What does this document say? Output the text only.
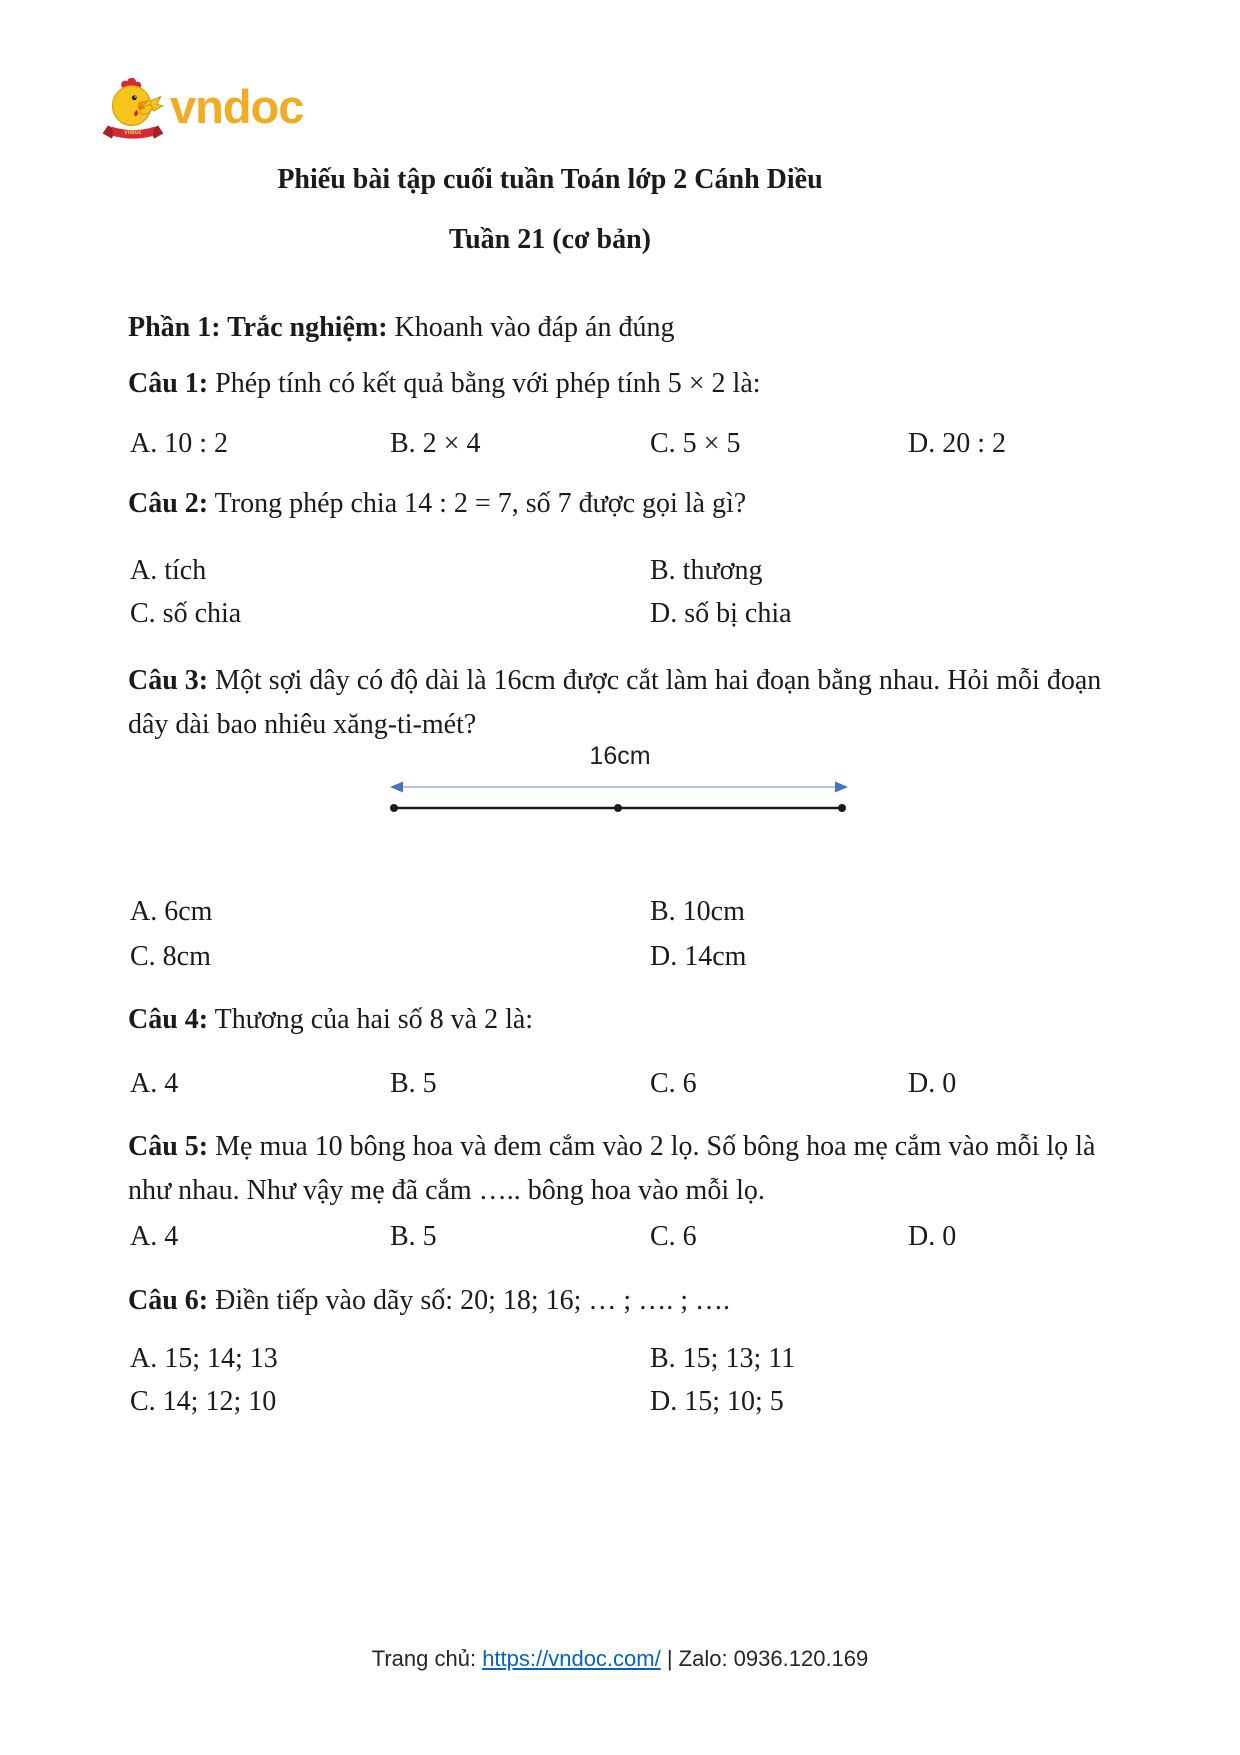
vndoc
vndoc
Phiếu bài tập cuối tuần Toán lớp 2 Cánh Diều
Tuần 21 (cơ bản)
Phần 1: Trắc nghiệm: Khoanh vào đáp án đúng
Câu 1: Phép tính có kết quả bằng với phép tính 5 × 2 là:
A. 10 : 2	B. 2 × 4	C. 5 × 5	D. 20 : 2
Câu 2: Trong phép chia 14 : 2 = 7, số 7 được gọi là gì?
A. tích	B. thương
C. số chia	D. số bị chia
Câu 3: Một sợi dây có độ dài là 16cm được cắt làm hai đoạn bằng nhau. Hỏi mỗi đoạn dây dài bao nhiêu xăng-ti-mét?
16cm
A. 6cm	B. 10cm
C. 8cm	D. 14cm
Câu 4: Thương của hai số 8 và 2 là:
A. 4	B. 5	C. 6	D. 0
Câu 5: Mẹ mua 10 bông hoa và đem cắm vào 2 lọ. Số bông hoa mẹ cắm vào mỗi lọ là như nhau. Như vậy mẹ đã cắm ….. bông hoa vào mỗi lọ.
A. 4	B. 5	C. 6	D. 0
Câu 6: Điền tiếp vào dãy số: 20; 18; 16; … ; …. ; ….
A. 15; 14; 13	B. 15; 13; 11
C. 14; 12; 10	D. 15; 10; 5
Trang chủ: https://vndoc.com/ | Zalo: 0936.120.169
